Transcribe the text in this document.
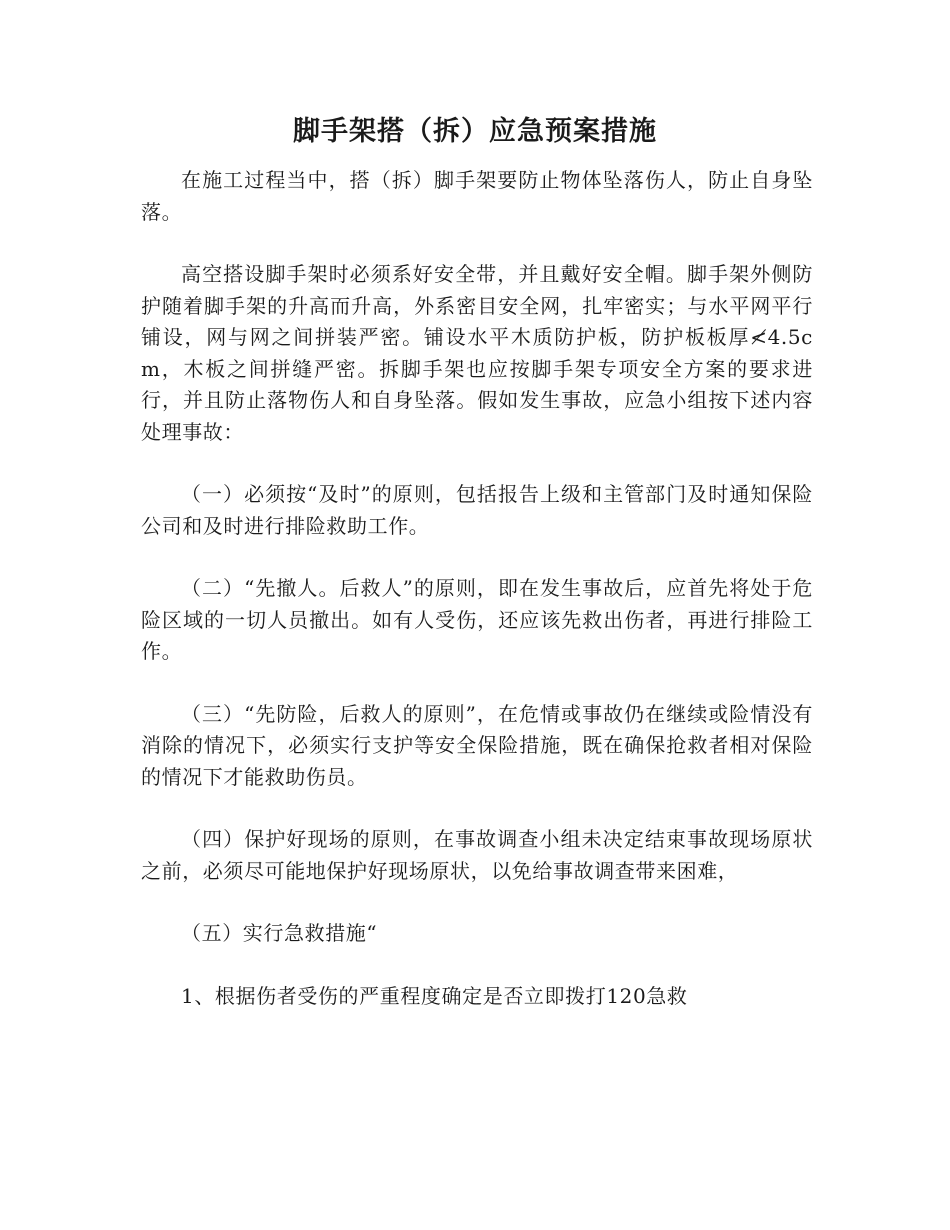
脚手架搭（拆）应急预案措施

在施工过程当中，搭（拆）脚手架要防止物体坠落伤人，防止自身坠落。

高空搭设脚手架时必须系好安全带，并且戴好安全帽。脚手架外侧防护随着脚手架的升高而升高，外系密目安全网，扎牢密实；与水平网平行铺设，网与网之间拼装严密。铺设水平木质防护板，防护板板厚≮4.5cm，木板之间拼缝严密。拆脚手架也应按脚手架专项安全方案的要求进行，并且防止落物伤人和自身坠落。假如发生事故，应急小组按下述内容处理事故：

（一）必须按“及时”的原则，包括报告上级和主管部门及时通知保险公司和及时进行排险救助工作。

（二）“先撤人。后救人”的原则，即在发生事故后，应首先将处于危险区域的一切人员撤出。如有人受伤，还应该先救出伤者，再进行排险工作。

（三）“先防险，后救人的原则”，在危情或事故仍在继续或险情没有消除的情况下，必须实行支护等安全保险措施，既在确保抢救者相对保险的情况下才能救助伤员。

（四）保护好现场的原则，在事故调查小组未决定结束事故现场原状之前，必须尽可能地保护好现场原状，以免给事故调查带来困难，

（五）实行急救措施“

1、根据伤者受伤的严重程度确定是否立即拨打120急救
